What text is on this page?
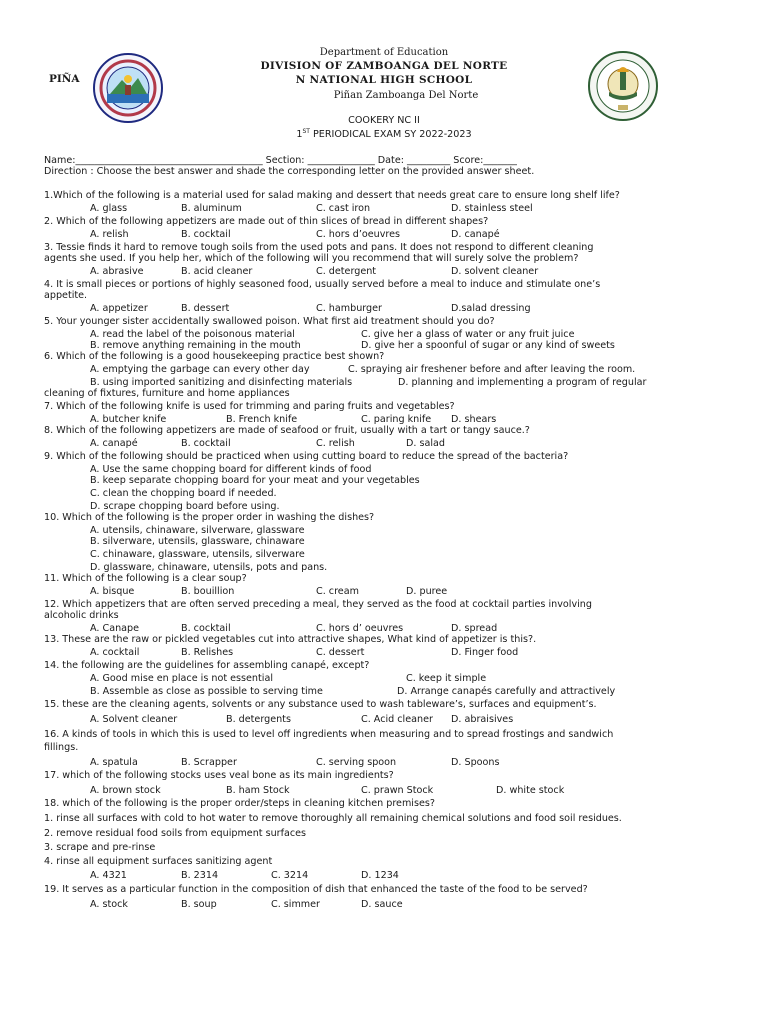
Department of Education
DIVISION OF ZAMBOANGA DEL NORTE
PIÑA	N NATIONAL HIGH SCHOOL
Piñan Zamboanga Del Norte
COOKERY NC II
1ST PERIODICAL EXAM SY 2022-2023
Name:_______________________________________ Section: ______________ Date: _________ Score:_______
Direction : Choose the best answer and shade the corresponding letter on the provided answer sheet.
1.Which of the following is a material used for salad making and dessert that needs great care to ensure long shelf life?
A. glass	B. aluminum	C. cast iron	D. stainless steel
2. Which of the following appetizers are made out of thin slices of bread in different shapes?
A. relish	B. cocktail	C. hors d’oeuvres	D. canapé
3. Tessie finds it hard to remove tough soils from the used pots and pans. It does not respond to different cleaning
agents she used. If you help her, which of the following will you recommend that will surely solve the problem?
A. abrasive	B. acid cleaner	C. detergent	D. solvent cleaner
4. It is small pieces or portions of highly seasoned food, usually served before a meal to induce and stimulate one’s
appetite.
A. appetizer	B. dessert	C. hamburger	D.salad dressing
5. Your younger sister accidentally swallowed poison. What first aid treatment should you do?
A. read the label of the poisonous material	C. give her a glass of water or any fruit juice
B. remove anything remaining in the mouth	D. give her a spoonful of sugar or any kind of sweets
6. Which of the following is a good housekeeping practice best shown?
A. emptying the garbage can every other day	C. spraying air freshener before and after leaving the room.
B. using imported sanitizing and disinfecting materials	D. planning and implementing a program of regular
cleaning of fixtures, furniture and home appliances
7. Which of the following knife is used for trimming and paring fruits and vegetables?
A. butcher knife	B. French knife	C. paring knife D. shears
8. Which of the following appetizers are made of seafood or fruit, usually with a tart or tangy sauce.?
A. canapé	B. cocktail	C. relish	D. salad
9. Which of the following should be practiced when using cutting board to reduce the spread of the bacteria?
A. Use the same chopping board for different kinds of food
B. keep separate chopping board for your meat and your vegetables
C. clean the chopping board if needed.
D. scrape chopping board before using.
10. Which of the following is the proper order in washing the dishes?
A. utensils, chinaware, silverware, glassware
B. silverware, utensils, glassware, chinaware
C. chinaware, glassware, utensils, silverware
D. glassware, chinaware, utensils, pots and pans.
11. Which of the following is a clear soup?
A. bisque	B. bouillion	C. cream	D. puree
12. Which appetizers that are often served preceding a meal, they served as the food at cocktail parties involving
alcoholic drinks
A. Canape	B. cocktail	C. hors d’ oeuvres	D. spread
13. These are the raw or pickled vegetables cut into attractive shapes, What kind of appetizer is this?.
A. cocktail	B. Relishes	C. dessert	D. Finger food
14. the following are the guidelines for assembling canapé, except?
A. Good mise en place is not essential	C. keep it simple
B. Assemble as close as possible to serving time	D. Arrange canapés carefully and attractively
15. these are the cleaning agents, solvents or any substance used to wash tableware’s, surfaces and equipment’s.
A. Solvent cleaner	B. detergents	C. Acid cleaner D. abraisives
16. A kinds of tools in which this is used to level off ingredients when measuring and to spread frostings and sandwich
fillings.
A. spatula	B. Scrapper	C. serving spoon	D. Spoons
17. which of the following stocks uses veal bone as its main ingredients?
A. brown stock	B. ham Stock	C. prawn Stock	D. white stock
18. which of the following is the proper order/steps in cleaning kitchen premises?
1. rinse all surfaces with cold to hot water to remove thoroughly all remaining chemical solutions and food soil residues.
2. remove residual food soils from equipment surfaces
3. scrape and pre-rinse
4. rinse all equipment surfaces sanitizing agent
A. 4321	B. 2314	C. 3214	D. 1234
19. It serves as a particular function in the composition of dish that enhanced the taste of the food to be served?
A. stock	B. soup	C. simmer	D. sauce
